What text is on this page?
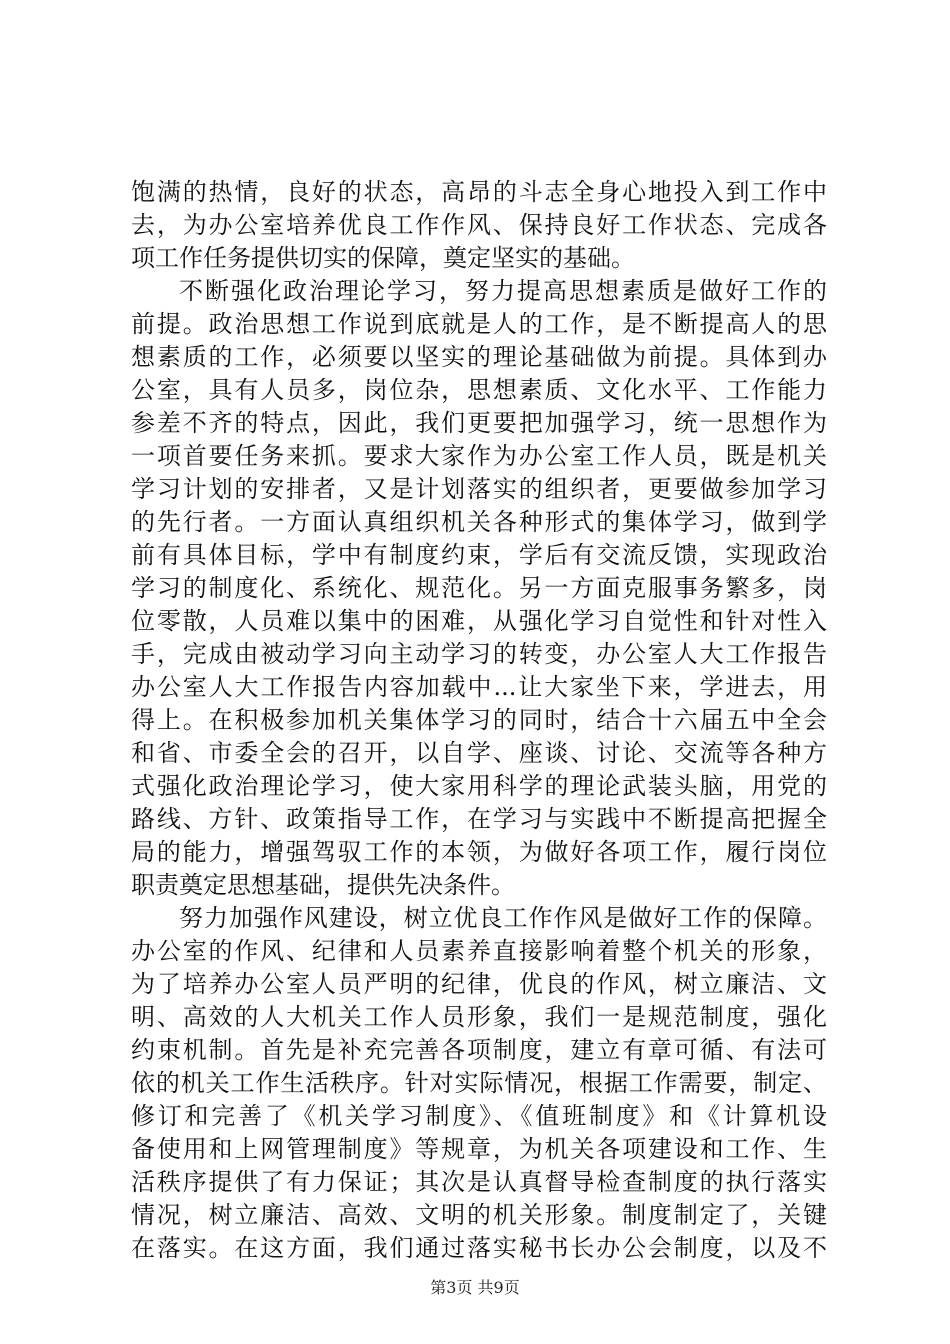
饱满的热情，良好的状态，高昂的斗志全身心地投入到工作中
去，为办公室培养优良工作作风、保持良好工作状态、完成各
项工作任务提供切实的保障，奠定坚实的基础。
不断强化政治理论学习，努力提高思想素质是做好工作的
前提。政治思想工作说到底就是人的工作，是不断提高人的思
想素质的工作，必须要以坚实的理论基础做为前提。具体到办
公室，具有人员多，岗位杂，思想素质、文化水平、工作能力
参差不齐的特点，因此，我们更要把加强学习，统一思想作为
一项首要任务来抓。要求大家作为办公室工作人员，既是机关
学习计划的安排者，又是计划落实的组织者，更要做参加学习
的先行者。一方面认真组织机关各种形式的集体学习，做到学
前有具体目标，学中有制度约束，学后有交流反馈，实现政治
学习的制度化、系统化、规范化。另一方面克服事务繁多，岗
位零散，人员难以集中的困难，从强化学习自觉性和针对性入
手，完成由被动学习向主动学习的转变，办公室人大工作报告
办公室人大工作报告内容加载中...让大家坐下来，学进去，用
得上。在积极参加机关集体学习的同时，结合十六届五中全会
和省、市委全会的召开，以自学、座谈、讨论、交流等各种方
式强化政治理论学习，使大家用科学的理论武装头脑，用党的
路线、方针、政策指导工作，在学习与实践中不断提高把握全
局的能力，增强驾驭工作的本领，为做好各项工作，履行岗位
职责奠定思想基础，提供先决条件。
努力加强作风建设，树立优良工作作风是做好工作的保障。
办公室的作风、纪律和人员素养直接影响着整个机关的形象，
为了培养办公室人员严明的纪律，优良的作风，树立廉洁、文
明、高效的人大机关工作人员形象，我们一是规范制度，强化
约束机制。首先是补充完善各项制度，建立有章可循、有法可
依的机关工作生活秩序。针对实际情况，根据工作需要，制定、
修订和完善了《机关学习制度》、《值班制度》和《计算机设
备使用和上网管理制度》等规章，为机关各项建设和工作、生
活秩序提供了有力保证；其次是认真督导检查制度的执行落实
情况，树立廉洁、高效、文明的机关形象。制度制定了，关键
在落实。在这方面，我们通过落实秘书长办公会制度，以及不
第3页 共9页
